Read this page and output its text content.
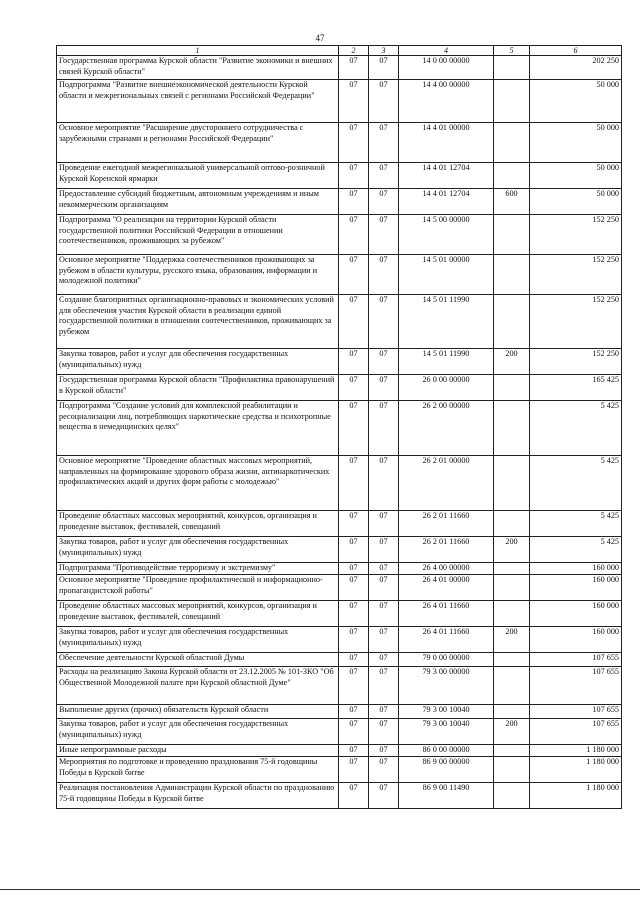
47
1	2	3	4	5	6
Государственная программа Курской области "Развитие экономики и внешних связей Курской области"	07	07	14 0 00 00000		202 250
Подпрограмма "Развитие внешнеэкономической деятельности Курской области и межрегиональных связей с регионами Российской Федерации"	07	07	14 4 00 00000		50 000
Основное мероприятие "Расширение двустороннего сотрудничества с зарубежными странами и регионами Российской Федерации"	07	07	14 4 01 00000		50 000
Проведение ежегодной межрегиональной универсальной оптово-розничной Курской Коренской ярмарки	07	07	14 4 01 12704		50 000
Предоставление субсидий бюджетным, автономным учреждениям и иным некоммерческим организациям	07	07	14 4 01 12704	600	50 000
Подпрограмма "О реализации на территории Курской области государственной политики Российской Федерации в отношении соотечественников, проживающих за рубежом"	07	07	14 5 00 00000		152 250
Основное мероприятие "Поддержка соотечественников проживающих за рубежом в области культуры, русского языка, образования, информации и молодежной политики"	07	07	14 5 01 00000		152 250
Создание благоприятных организационно-правовых и экономических условий для обеспечения участия Курской области в реализации единой государственной политики в отношении соотечественников, проживающих за рубежом	07	07	14 5 01 11990		152 250
Закупка товаров, работ и услуг для обеспечения государственных (муниципальных) нужд	07	07	14 5 01 11990	200	152 250
Государственная программа Курской области "Профилактика правонарушений в Курской области"	07	07	26 0 00 00000		165 425
Подпрограмма "Создание условий для комплексной реабилитации и ресоциализации лиц, потребляющих наркотические средства и психотропные вещества в немедицинских целях"	07	07	26 2 00 00000		5 425
Основное мероприятие "Проведение областных массовых мероприятий, направленных на формирование здорового образа жизни, антинаркотических профилактических акций и других форм работы с молодежью"	07	07	26 2 01 00000		5 425
Проведение областных массовых мероприятий, конкурсов, организация и проведение выставок, фестивалей, совещаний	07	07	26 2 01 11660		5 425
Закупка товаров, работ и услуг для обеспечения государственных (муниципальных) нужд	07	07	26 2 01 11660	200	5 425
Подпрограмма "Противодействие терроризму и экстремизму"	07	07	26 4 00 00000		160 000
Основное мероприятие "Проведение профилактической и информационно-пропагандистской работы"	07	07	26 4 01 00000		160 000
Проведение областных массовых мероприятий, конкурсов, организация и проведение выставок, фестивалей, совещаний	07	07	26 4 01 11660		160 000
Закупка товаров, работ и услуг для обеспечения государственных (муниципальных) нужд	07	07	26 4 01 11660	200	160 000
Обеспечение деятельности Курской областной Думы	07	07	79 0 00 00000		107 655
Расходы на реализацию Закона Курской области от 23.12.2005 № 101-ЗКО "Об Общественной Молодежной палате при Курской областной Думе"	07	07	79 3 00 00000		107 655
Выполнение других (прочих) обязательств Курской области	07	07	79 3 00 10040		107 655
Закупка товаров, работ и услуг для обеспечения государственных (муниципальных) нужд	07	07	79 3 00 10040	200	107 655
Иные непрограммные расходы	07	07	86 0 00 00000		1 180 000
Мероприятия по подготовке и проведению празднования 75-й годовщины Победы в Курской битве	07	07	86 9 00 00000		1 180 000
Реализация постановления Администрации Курской области по празднованию 75-й годовщины Победы в Курской битве	07	07	86 9 00 11490		1 180 000
